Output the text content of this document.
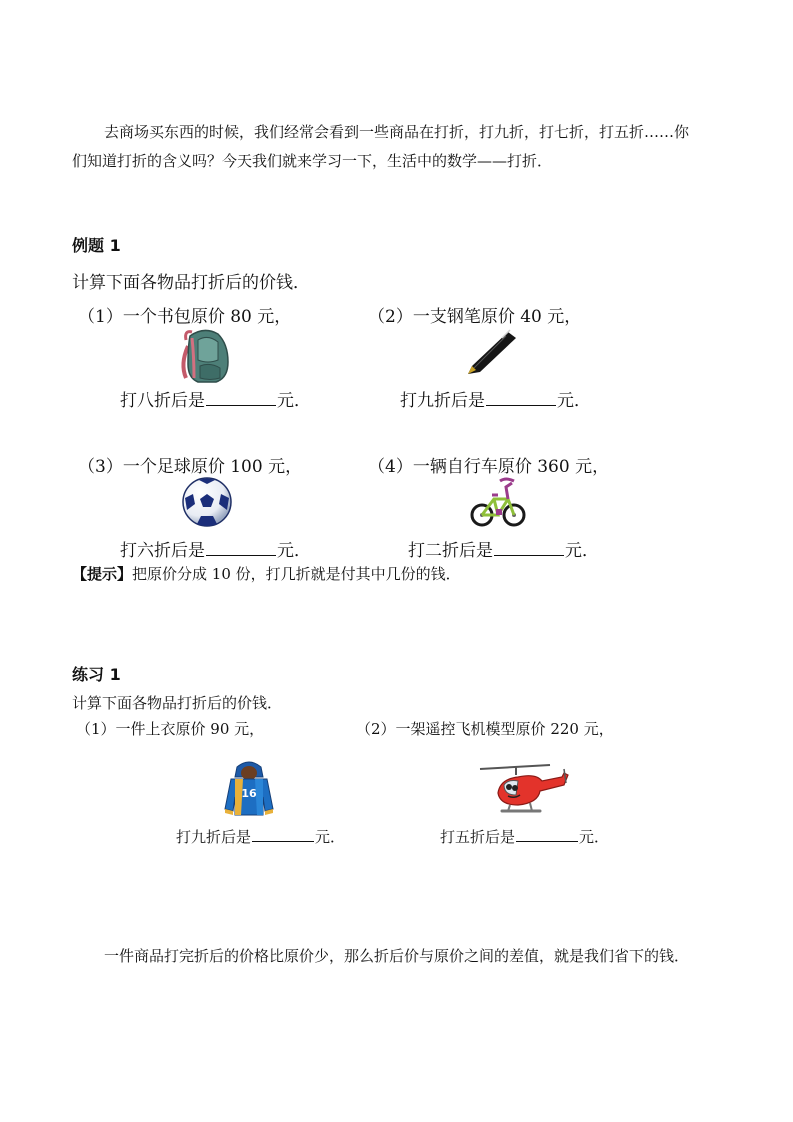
去商场买东西的时候，我们经常会看到一些商品在打折，打九折，打七折，打五折……你
们知道打折的含义吗？今天我们就来学习一下，生活中的数学——打折．
例题 1
计算下面各物品打折后的价钱．
（1）一个书包原价 80 元，	（2）一支钢笔原价 40 元，
打八折后是	元．	打九折后是	元．
（3）一个足球原价 100 元，	（4）一辆自行车原价 360 元，
打六折后是	元．	打二折后是	元．
【提示】把原价分成 10 份，打几折就是付其中几份的钱．
练习 1
计算下面各物品打折后的价钱．
（1）一件上衣原价 90 元，	（2）一架遥控飞机模型原价 220 元，
16
打九折后是	元．	打五折后是	元．
一件商品打完折后的价格比原价少，那么折后价与原价之间的差值，就是我们省下的钱．
